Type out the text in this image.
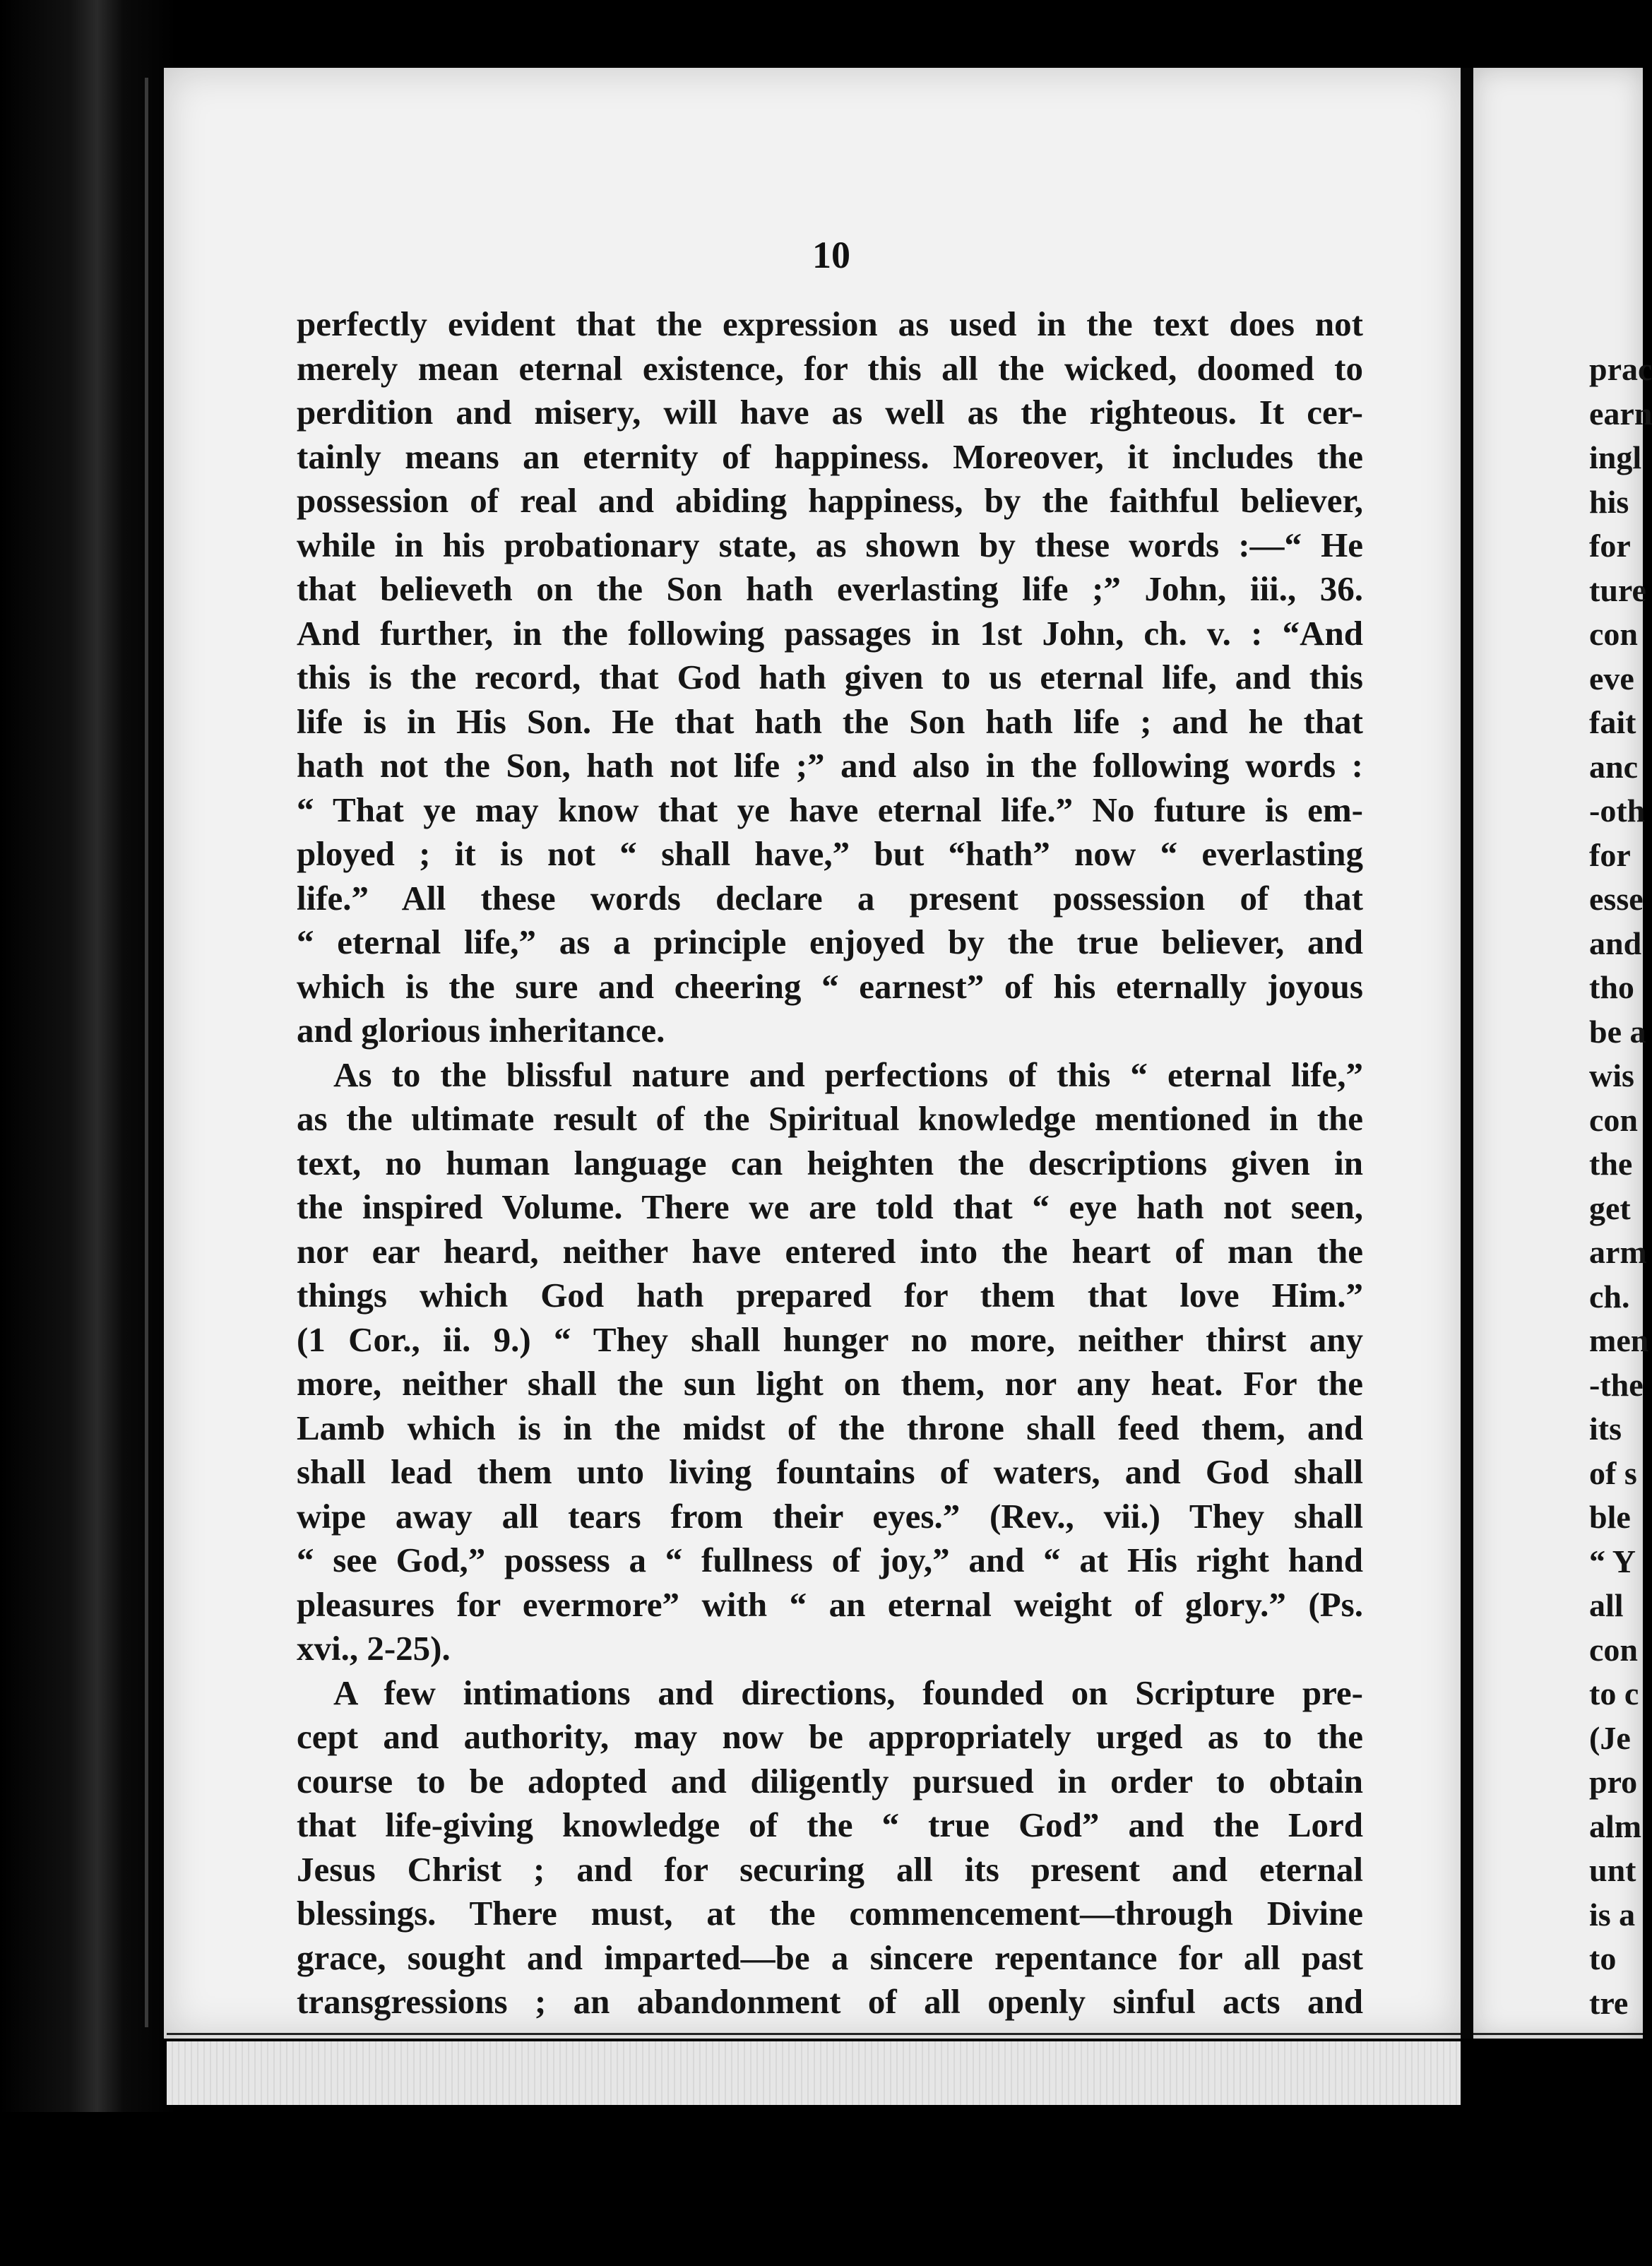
10
perfectly evident that the expression as used in the text does not
merely mean eternal existence, for this all the wicked, doomed to
perdition and misery, will have as well as the righteous. It cer-
tainly means an eternity of happiness. Moreover, it includes the
possession of real and abiding happiness, by the faithful believer,
while in his probationary state, as shown by these words :—“ He
that believeth on the Son hath everlasting life ;” John, iii., 36.
And further, in the following passages in 1st John, ch. v. : “And
this is the record, that God hath given to us eternal life, and this
life is in His Son. He that hath the Son hath life ; and he that
hath not the Son, hath not life ;” and also in the following words :
“ That ye may know that ye have eternal life.” No future is em-
ployed ; it is not “ shall have,” but “hath” now “ everlasting
life.” All these words declare a present possession of that
“ eternal life,” as a principle enjoyed by the true believer, and
which is the sure and cheering “ earnest” of his eternally joyous
and glorious inheritance.
As to the blissful nature and perfections of this “ eternal life,”
as the ultimate result of the Spiritual knowledge mentioned in the
text, no human language can heighten the descriptions given in
the inspired Volume. There we are told that “ eye hath not seen,
nor ear heard, neither have entered into the heart of man the
things which God hath prepared for them that love Him.”
(1 Cor., ii. 9.) “ They shall hunger no more, neither thirst any
more, neither shall the sun light on them, nor any heat. For the
Lamb which is in the midst of the throne shall feed them, and
shall lead them unto living fountains of waters, and God shall
wipe away all tears from their eyes.” (Rev., vii.) They shall
“ see God,” possess a “ fullness of joy,” and “ at His right hand
pleasures for evermore” with “ an eternal weight of glory.” (Ps.
xvi., 2-25).
A few intimations and directions, founded on Scripture pre-
cept and authority, may now be appropriately urged as to the
course to be adopted and diligently pursued in order to obtain
that life-giving knowledge of the “ true God” and the Lord
Jesus Christ ; and for securing all its present and eternal
blessings. There must, at the commencement—through Divine
grace, sought and imparted—be a sincere repentance for all past
transgressions ; an abandonment of all openly sinful acts and
prac
earn
ingl
his
for
ture
con
eve
fait
anc
-oth
for
esse
and
tho
be a
wis
con
the
get
arm
ch.
men
-the
its
of s
ble
“ Y
all
con
to c
(Je
pro
alm
unt
is a
to
tre
